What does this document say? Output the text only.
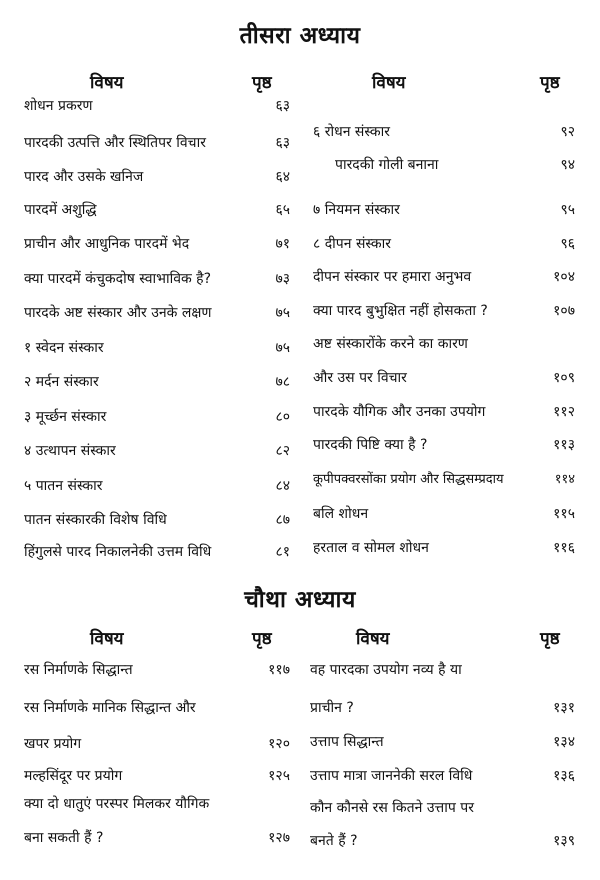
तीसरा अध्याय
विषय	पृष्ठ	विषय	पृष्ठ
शोधन प्रकरण	६३
पारदकी उत्पत्ति और स्थितिपर विचार	६३
पारद और उसके खनिज	६४
पारदमें अशुद्धि	६५
प्राचीन और आधुनिक पारदमें भेद	७१
क्या पारदमें कंचुकदोष स्वाभाविक है?	७३
पारदके अष्ट संस्कार और उनके लक्षण	७५
१ स्वेदन संस्कार	७५
२ मर्दन संस्कार	७८
३ मूर्च्छन संस्कार	८०
४ उत्थापन संस्कार	८२
५ पातन संस्कार	८४
पातन संस्कारकी विशेष विधि	८७
हिंगुलसे पारद निकालनेकी उत्तम विधि	८१
६ रोधन संस्कार	९२
पारदकी गोली बनाना	९४
७ नियमन संस्कार	९५
८ दीपन संस्कार	९६
दीपन संस्कार पर हमारा अनुभव	१०४
क्या पारद बुभुक्षित नहीं होसकता ?	१०७
अष्ट संस्कारोंके करने का कारण
और उस पर विचार	१०९
पारदके यौगिक और उनका उपयोग	११२
पारदकी पिष्टि क्या है ?	११३
कूपीपक्वरसोंका प्रयोग और सिद्धसम्प्रदाय	११४
बलि शोधन	११५
हरताल व सोमल शोधन	११६
चौथा अध्याय
विषय	पृष्ठ	विषय	पृष्ठ
रस निर्माणके सिद्धान्त	११७
रस निर्माणके मानिक सिद्धान्त और
खपर प्रयोग	१२०
मल्हसिंदूर पर प्रयोग	१२५
क्या दो धातुएं परस्पर मिलकर यौगिक
बना सकती हैं ?	१२७
वह पारदका उपयोग नव्य है या
प्राचीन ?	१३१
उत्ताप सिद्धान्त	१३४
उत्ताप मात्रा जाननेकी सरल विधि	१३६
कौन कौनसे रस कितने उत्ताप पर
बनते हैं ?	१३९
